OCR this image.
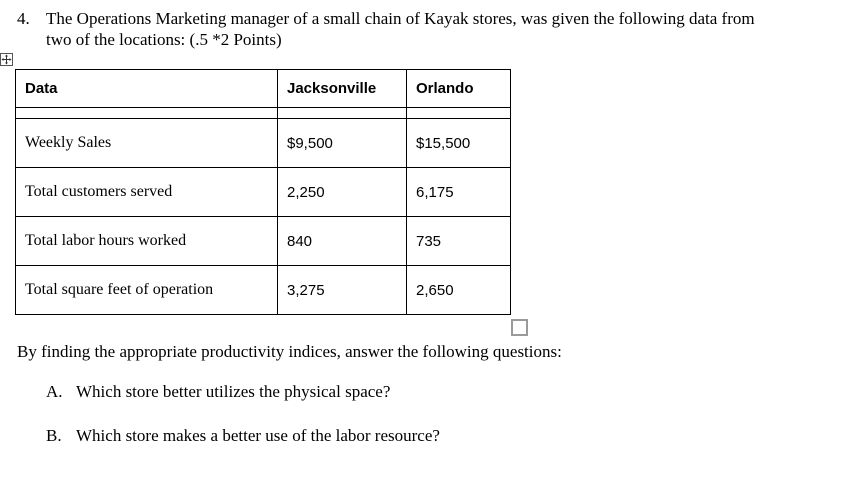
4. The Operations Marketing manager of a small chain of Kayak stores, was given the following data from
two of the locations: (.5 *2 Points)
Data	Jacksonville	Orlando

Weekly Sales	$9,500	$15,500
Total customers served	2,250	6,175
Total labor hours worked	840	735
Total square feet of operation	3,275	2,650
By finding the appropriate productivity indices, answer the following questions:
A. Which store better utilizes the physical space?
B. Which store makes a better use of the labor resource?
